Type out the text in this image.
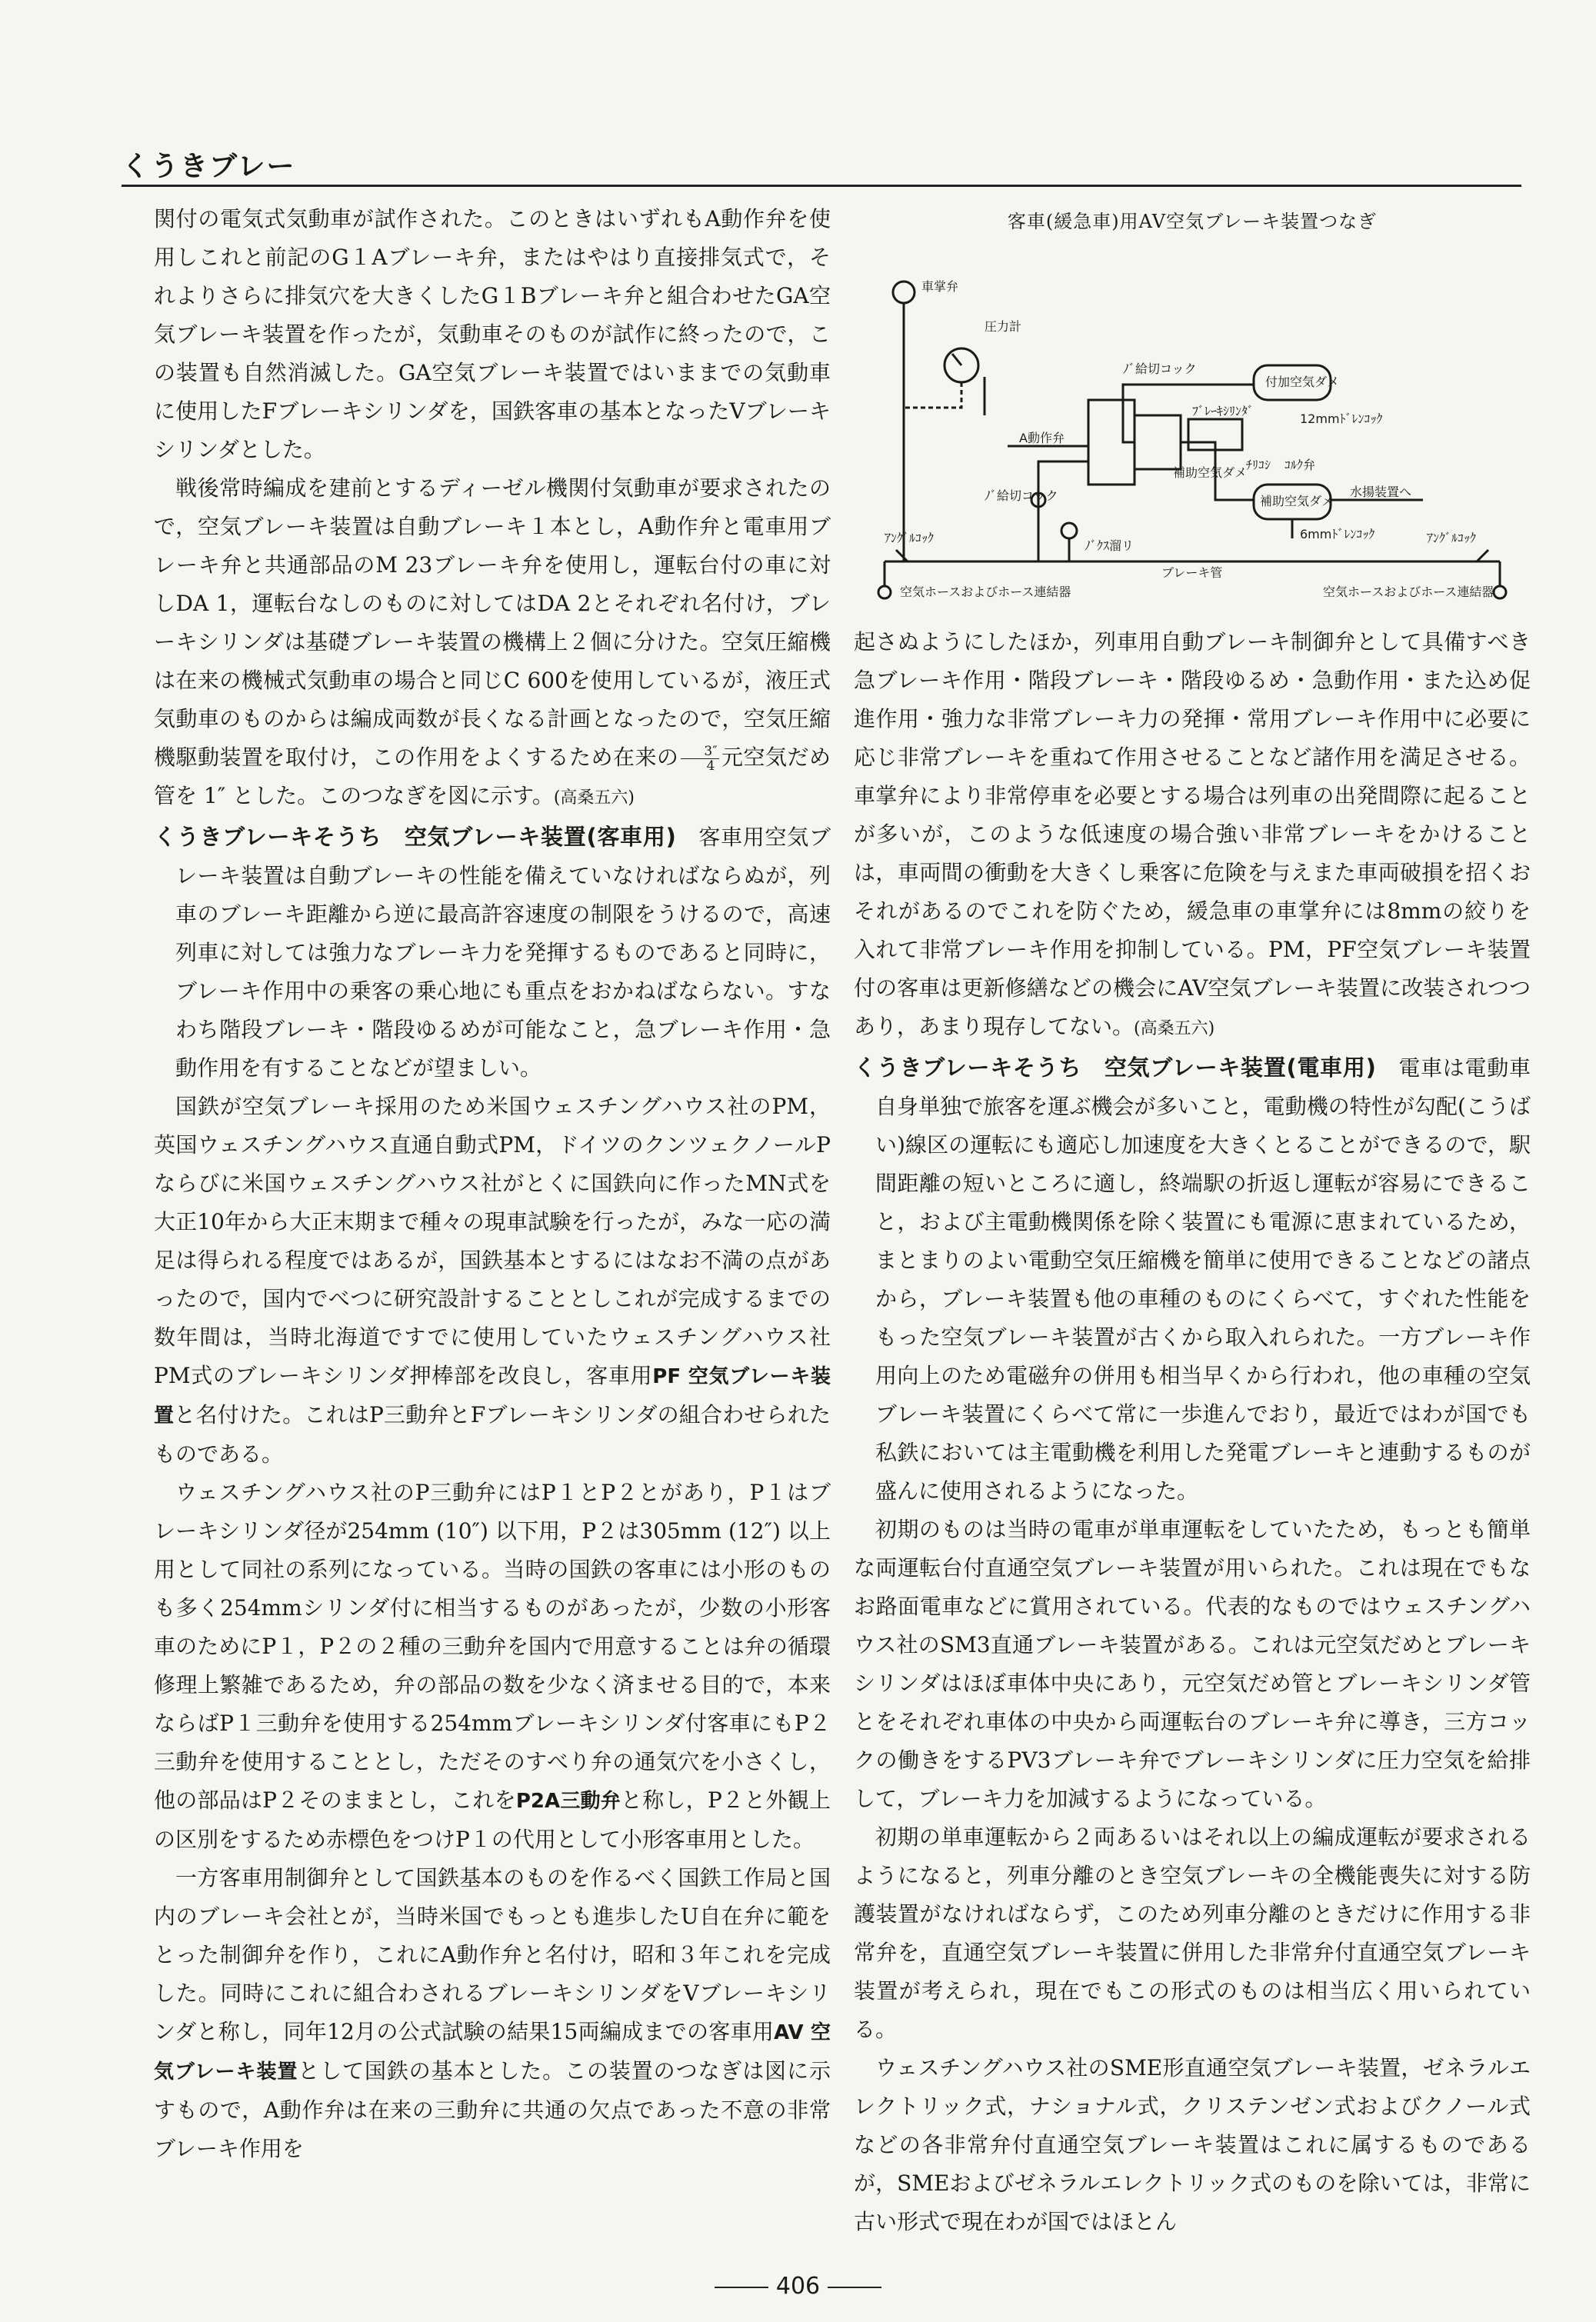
くうきブレー

関付の電気式気動車が試作された。このときはいずれもA動作弁を使用しこれと前記のG１Aブレーキ弁，またはやはり直接排気式で，それよりさらに排気穴を大きくしたG１Bブレーキ弁と組合わせたGA空気ブレーキ装置を作ったが，気動車そのものが試作に終ったので，この装置も自然消滅した。GA空気ブレーキ装置ではいままでの気動車に使用したFブレーキシリンダを，国鉄客車の基本となったVブレーキシリンダとした。

戦後常時編成を建前とするディーゼル機関付気動車が要求されたので，空気ブレーキ装置は自動ブレーキ１本とし，A動作弁と電車用ブレーキ弁と共通部品のM 23ブレーキ弁を使用し，運転台付の車に対しDA 1，運転台なしのものに対してはDA 2とそれぞれ名付け，ブレーキシリンダは基礎ブレーキ装置の機構上２個に分けた。空気圧縮機は在来の機械式気動車の場合と同じC 600を使用しているが，液圧式気動車のものからは編成両数が長くなる計画となったので，空気圧縮機駆動装置を取付け，この作用をよくするため在来の $\frac{3''}{4}$ 元空気だめ管を 1″ とした。このつなぎを図に示す。(高桑五六)

くうきブレーキそうち　空気ブレーキ装置(客車用)　 客車用空気ブレーキ装置は自動ブレーキの性能を備えていなければならぬが，列車のブレーキ距離から逆に最高許容速度の制限をうけるので，高速列車に対しては強力なブレーキ力を発揮するものであると同時に，ブレーキ作用中の乗客の乗心地にも重点をおかねばならない。すなわち階段ブレーキ・階段ゆるめが可能なこと，急ブレーキ作用・急動作用を有することなどが望ましい。

国鉄が空気ブレーキ採用のため米国ウェスチングハウス社のPM，英国ウェスチングハウス直通自動式PM，ドイツのクンツェクノールPならびに米国ウェスチングハウス社がとくに国鉄向に作ったMN式を大正10年から大正末期まで種々の現車試験を行ったが，みな一応の満足は得られる程度ではあるが，国鉄基本とするにはなお不満の点があったので，国内でべつに研究設計することとしこれが完成するまでの数年間は，当時北海道ですでに使用していたウェスチングハウス社PM式のブレーキシリンダ押棒部を改良し，客車用PF 空気ブレーキ装置と名付けた。これはP三動弁とFブレーキシリンダの組合わせられたものである。

ウェスチングハウス社のP三動弁にはP１とP２とがあり，P１はブレーキシリンダ径が254mm (10″) 以下用，P２は305mm (12″) 以上用として同社の系列になっている。当時の国鉄の客車には小形のものも多く254mmシリンダ付に相当するものがあったが，少数の小形客車のためにP１，P２の２種の三動弁を国内で用意することは弁の循環修理上繁雑であるため，弁の部品の数を少なく済ませる目的で，本来ならばP１三動弁を使用する254mmブレーキシリンダ付客車にもP２三動弁を使用することとし，ただそのすべり弁の通気穴を小さくし，他の部品はP２そのままとし，これをP2A三動弁と称し，P２と外観上の区別をするため赤標色をつけP１の代用として小形客車用とした。

一方客車用制御弁として国鉄基本のものを作るべく国鉄工作局と国内のブレーキ会社とが，当時米国でもっとも進歩したU自在弁に範をとった制御弁を作り，これにA動作弁と名付け，昭和３年これを完成した。同時にこれに組合わされるブレーキシリンダをVブレーキシリンダと称し，同年12月の公式試験の結果15両編成までの客車用AV 空気ブレーキ装置として国鉄の基本とした。この装置のつなぎは図に示すもので，A動作弁は在来の三動弁に共通の欠点であった不意の非常ブレーキ作用を

客車(緩急車)用AV空気ブレーキ装置つなぎ
車掌弁
圧力計
ﾉﾞ給切コック
付加空気ダメ
ﾌﾞﾚｰｷｼﾘﾝﾀﾞ
12mmﾄﾞﾚﾝｺｯｸ
A動作弁
補助空気ダメ
ﾉﾞ給切コック
ﾁﾘｺｼ ｺﾙｸ弁
水揚装置へ
補助空気ダメ
6mmﾄﾞﾚﾝｺｯｸ
ｱﾝｸﾞﾙｺｯｸ	ｱﾝｸﾞﾙｺｯｸ
ﾉﾞｸｽ溜リ
ブレーキ管
空気ホースおよびホース連結器	空気ホースおよびホース連結器

起さぬようにしたほか，列車用自動ブレーキ制御弁として具備すべき急ブレーキ作用・階段ブレーキ・階段ゆるめ・急動作用・また込め促進作用・強力な非常ブレーキ力の発揮・常用ブレーキ作用中に必要に応じ非常ブレーキを重ねて作用させることなど諸作用を満足させる。車掌弁により非常停車を必要とする場合は列車の出発間際に起ることが多いが，このような低速度の場合強い非常ブレーキをかけることは，車両間の衝動を大きくし乗客に危険を与えまた車両破損を招くおそれがあるのでこれを防ぐため，緩急車の車掌弁には8mmの絞りを入れて非常ブレーキ作用を抑制している。PM，PF空気ブレーキ装置付の客車は更新修繕などの機会にAV空気ブレーキ装置に改装されつつあり，あまり現存してない。(高桑五六)

くうきブレーキそうち　空気ブレーキ装置(電車用)　 電車は電動車自身単独で旅客を運ぶ機会が多いこと，電動機の特性が勾配(こうばい)線区の運転にも適応し加速度を大きくとることができるので，駅間距離の短いところに適し，終端駅の折返し運転が容易にできること，および主電動機関係を除く装置にも電源に恵まれているため，まとまりのよい電動空気圧縮機を簡単に使用できることなどの諸点から，ブレーキ装置も他の車種のものにくらべて，すぐれた性能をもった空気ブレーキ装置が古くから取入れられた。一方ブレーキ作用向上のため電磁弁の併用も相当早くから行われ，他の車種の空気ブレーキ装置にくらべて常に一歩進んでおり，最近ではわが国でも私鉄においては主電動機を利用した発電ブレーキと連動するものが盛んに使用されるようになった。

初期のものは当時の電車が単車運転をしていたため，もっとも簡単な両運転台付直通空気ブレーキ装置が用いられた。これは現在でもなお路面電車などに賞用されている。代表的なものではウェスチングハウス社のSM3直通ブレーキ装置がある。これは元空気だめとブレーキシリンダはほぼ車体中央にあり，元空気だめ管とブレーキシリンダ管とをそれぞれ車体の中央から両運転台のブレーキ弁に導き，三方コックの働きをするPV3ブレーキ弁でブレーキシリンダに圧力空気を給排して，ブレーキ力を加減するようになっている。

初期の単車運転から２両あるいはそれ以上の編成運転が要求されるようになると，列車分離のとき空気ブレーキの全機能喪失に対する防護装置がなければならず，このため列車分離のときだけに作用する非常弁を，直通空気ブレーキ装置に併用した非常弁付直通空気ブレーキ装置が考えられ，現在でもこの形式のものは相当広く用いられている。

ウェスチングハウス社のSME形直通空気ブレーキ装置，ゼネラルエレクトリック式，ナショナル式，クリステンゼン式およびクノール式などの各非常弁付直通空気ブレーキ装置はこれに属するものであるが，SMEおよびゼネラルエレクトリック式のものを除いては，非常に古い形式で現在わが国ではほとん

406
